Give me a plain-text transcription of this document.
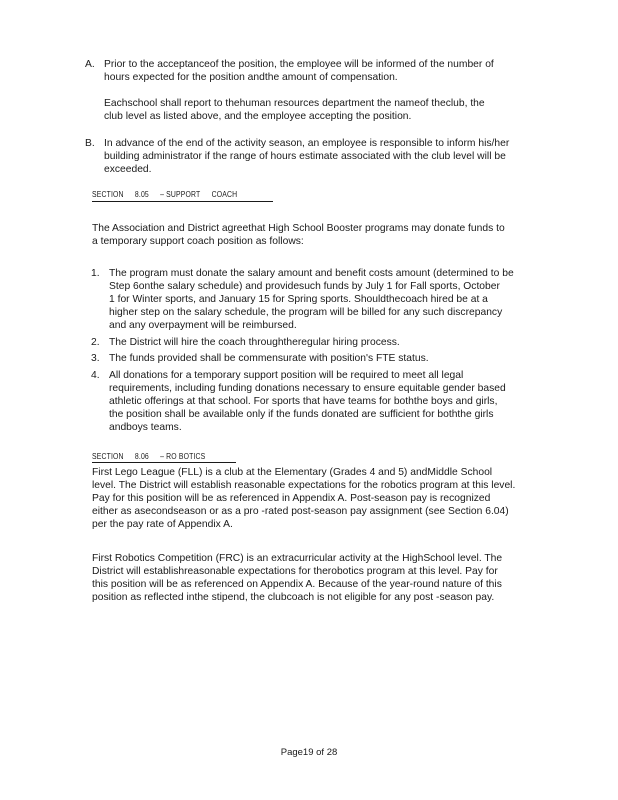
A. Prior to the acceptanceof the position, the employee will be informed of the number of
hours expected for the position andthe amount of compensation.
Eachschool shall report to thehuman resources department the nameof theclub, the
club level as listed above, and the employee accepting the position.
B. In advance of the end of the activity season, an employee is responsible to inform his/her
building administrator if the range of hours estimate associated with the club level will be
exceeded.
SECTION 8.05 – SUPPORT COACH
The Association and District agreethat High School Booster programs may donate funds to
a temporary support coach position as follows:
1. The program must donate the salary amount and benefit costs amount (determined to be
Step 6onthe salary schedule) and providesuch funds by July 1 for Fall sports, October
1 for Winter sports, and January 15 for Spring sports. Shouldthecoach hired be at a
higher step on the salary schedule, the program will be billed for any such discrepancy
and any overpayment will be reimbursed.
2. The District will hire the coach throughtheregular hiring process.
3. The funds provided shall be commensurate with position's FTE status.
4. All donations for a temporary support position will be required to meet all legal
requirements, including funding donations necessary to ensure equitable gender based
athletic offerings at that school. For sports that have teams for boththe boys and girls,
the position shall be available only if the funds donated are sufficient for boththe girls
andboys teams.
SECTION 8.06 – RO BOTICS
First Lego League (FLL) is a club at the Elementary (Grades 4 and 5) andMiddle School
level. The District will establish reasonable expectations for the robotics program at this level.
Pay for this position will be as referenced in Appendix A. Post-season pay is recognized
either as asecondseason or as a pro -rated post-season pay assignment (see Section 6.04)
per the pay rate of Appendix A.
First Robotics Competition (FRC) is an extracurricular activity at the HighSchool level. The
District will establishreasonable expectations for therobotics program at this level. Pay for
this position will be as referenced on Appendix A. Because of the year-round nature of this
position as reflected inthe stipend, the clubcoach is not eligible for any post -season pay.
Page19 of 28
